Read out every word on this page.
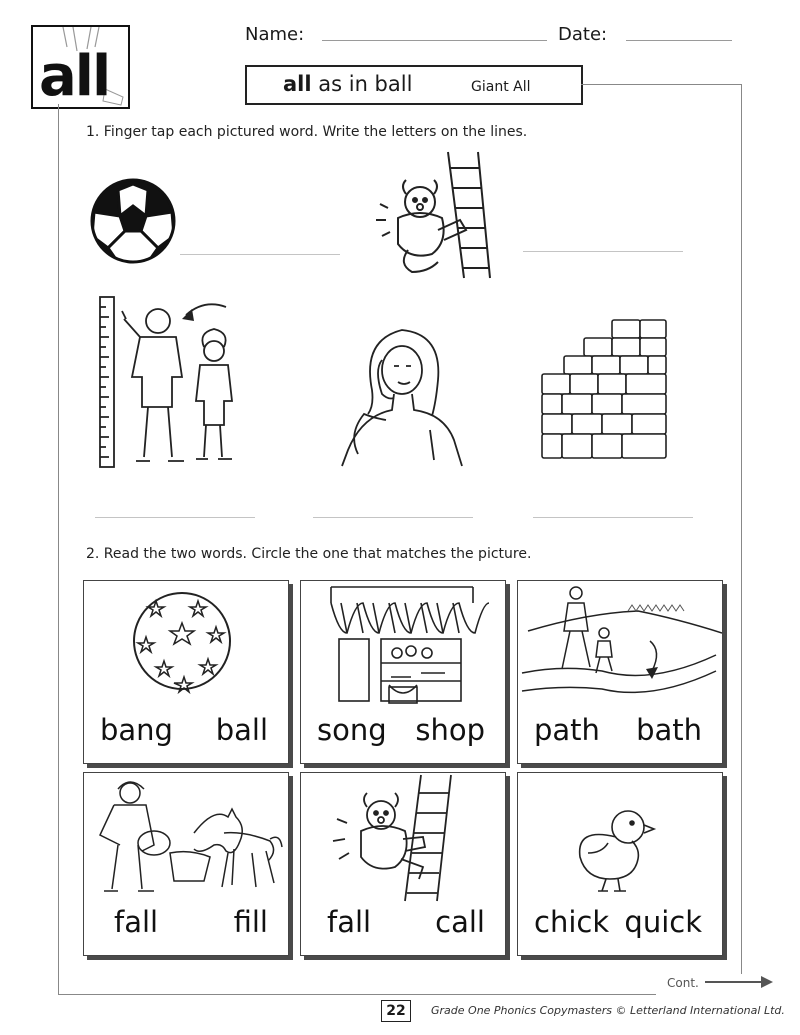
all
Name:	Date:
all as in ball	Giant All
1. Finger tap each pictured word. Write the letters on the lines.
2. Read the two words. Circle the one that matches the picture.
bang ball song shop path bath
fall	fill fall call chick quick
Cont.
22	Grade One Phonics Copymasters © Letterland International Ltd.
